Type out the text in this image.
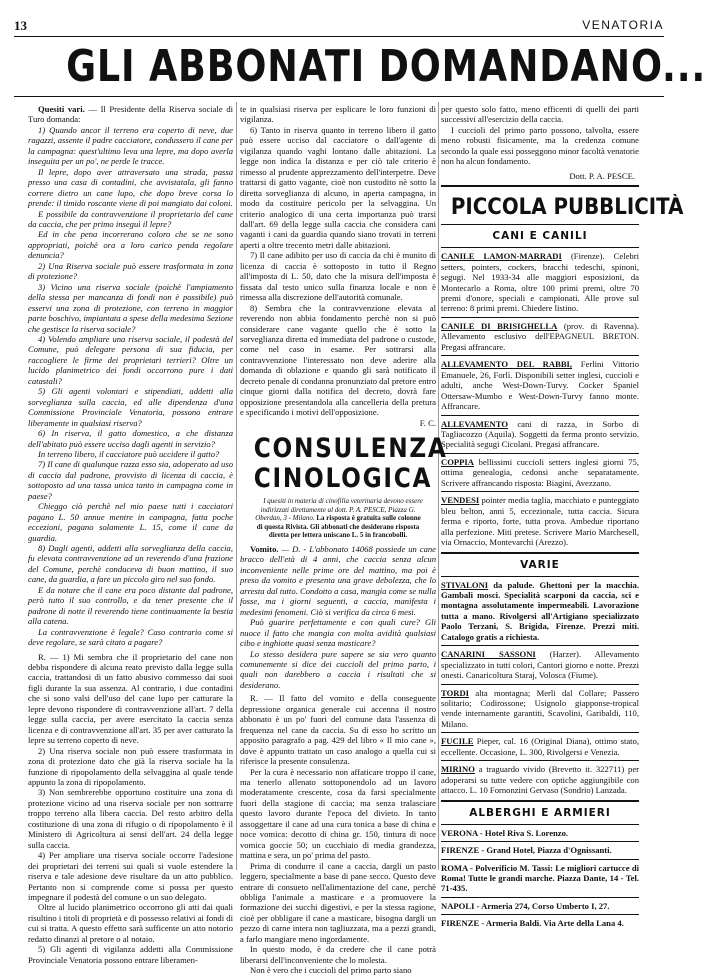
13	VENATORIA
GLI ABBONATI DOMANDANO...

Quesiti vari. — Il Presidente della Riserva sociale di Turo domanda:

1) Quando ancor il terreno era coperto di neve, due ragazzi, assente il padre cacciatore, condussero il cane per la campagna: quest'ultimo leva una lepre, ma dopo averla inseguita per un po', ne perde le tracce.

Il lepre, dopo aver attraversato una strada, passa presso una casa di contadini, che avvistatala, gli fanno correre dietro un cane lupo, che dopo breve corsa lo prende: il timido roscante viene di poi mangiato dai coloni.

E possibile da contravvenzione il proprietario del cane da caccia, che per primo inseguì il lepre?

Ed in che pena incorrerano coloro che se ne sono appropriati, poichè ora a loro carico penda regolare denuncia?

2) Una Riserva sociale può essere trasformata in zona di protezione?

3) Vicino una riserva sociale (poichè l'ampiamento della stessa per mancanza di fondi non è possibile) può esservi una zona di protezione, con terreno in maggior parte boschivo, impiantata a spese della medesima Sezione che gestisce la riserva sociale?

4) Volendo ampliare una riserva sociale, il podestà del Comune, può delegare persona di sua fiducia, per raccogliere le firme dei proprietari terrieri? Oltre un lucido planimetrico dei fondi occorrono pure i dati catastali?

5) Gli agenti volontari e stipendiati, addetti alla sorveglianza sulla caccia, ed alle dipendenza d'una Commissione Provinciale Venatoria, possono entrare liberamente in qualsiasi riserva?

6) In riserva, il gatto domestico, a che distanza dell'abitato può essere ucciso dagli agenti in servizio?

In terreno libero, il cacciatore può uccidere il gatto?

7) Il cane di qualunque razza esso sia, adoperato ad uso di caccia dal padrone, provvisto di licenza di caccia, è sottoposto ad una tassa unica tanto in campagna come in paese?

Chieggo ciò perchè nel mio paese tutti i cacciatori pagano L. 50 annue mentre in campagna, fatta poche eccezioni, pagano solamente L. 15, come il cane da guardia.

8) Dagli agenti, addetti alla sorveglianza della caccia, fu elevata contravvenzione ad un reverendo d'una frazione del Comune, perchè conduceva di buon mattino, il suo cane, da guardia, a fare un piccolo giro nel suo fondo.

E da notare che il cane era poco distante dal padrone, però tutto il suo controllo, e da tener presente che il padrone di notte il reverendo tiene continuamente la bestia alla catena.

La contravvenzione è legale? Caso contrario come si deve regolare, se sarà citato a pagare?

R. — 1) Mi sembra che il proprietario del cane non debba rispondere di alcuna reato previsto dalla legge sulla caccia, trattandosi di un fatto abusivo commesso dai suoi figli durante la sua assenza. Al contrario, i due contadini che si sono valsi dell'uso del cane lupo per catturare la lepre devono rispondere di contravvenzione all'art. 7 della legge sulla caccia, per avere esercitato la caccia senza licenza e di contravvenzione all'art. 35 per aver catturato la lepre su terreno coperto di neve.

2) Una riserva sociale non può essere trasformata in zona di protezione dato che già la riserva sociale ha la funzione di ripopolamento della selvaggina al quale tende appunto la zona di ripopolamento.

3) Non sembrerebbe opportuno costituire una zona di protezione vicino ad una riserva sociale per non sottrarre troppo terreno alla libera caccia. Del resto arbitro della costituzione di una zona di rifugio o di ripopolamento è il Ministero di Agricoltura ai sensi dell'art. 24 della legge sulla caccia.

4) Per ampliare una riserva sociale occorre l'adesione dei proprietari dei terreni sui quali si vuole estendere la riserva e tale adesione deve risultare da un atto pubblico. Pertanto non si comprende come si possa per questo impegnare il podestà del comune o un suo delegato.

Oltre al lucido planimetrico occorrono gli atti dai quali risultino i titoli di proprietà e di possesso relativi ai fondi di cui si tratta. A questo effetto sarà sufficente un atto notorio redatto dinanzi al pretore o al notaio.

5) Gli agenti di vigilanza addetti alla Commissione Provinciale Venatoria possono entrare liberamen-

te in qualsiasi riserva per esplicare le loro funzioni di vigilanza.

6) Tanto in riserva quanto in terreno libero il gatto può essere ucciso dal cacciatore o dall'agente di vigilanza quando vaghi lontano dalle abitazioni. La legge non indica la distanza e per ciò tale criterio è rimesso al prudente apprezzamento dell'interpetre. Deve trattarsi di gatto vagante, cioè non custodito nè sotto la diretta sorveglianza di alcuno, in aperta campagna, in modo da costituire pericolo per la selvaggina. Un criterio analogico di una certa importanza può trarsi dall'art. 69 della legge sulla caccia che considera cani vaganti i cani da guardia quando siano trovati in terreni aperti a oltre trecento metri dalle abitazioni.

7) Il cane adibito per uso di caccia da chi è munito di licenza di caccia è sottoposto in tutto il Regno all'imposta di L. 50, dato che la misura dell'imposta è fissata dal testo unico sulla finanza locale e non è rimessa alla discrezione dell'autorità comunale.

8) Sembra che la contravvenzione elevata al reverendo non abbia fondamento perchè non si può considerare cane vagante quello che è sotto la sorveglianza diretta ed immediata del padrone o custode, come nel caso in esame. Per sottrarsi alla contravvenzione l'interessato non deve aderire alla domanda di oblazione e quando gli sarà notificato il decreto penale di condanna pronunziato dal pretore entro cinque giorni dalla notifica del decreto, dovrà fare opposizione presentandola alla cancelleria della pretura e specificando i motivi dell'opposizione.

F. C.

CONSULENZA
CINOLOGICA

I quesiti in materia di cinofilia veterinaria devono essere indirizzati direttamente al dott. P. A. PESCE, Piazza G. Oberdan, 3 - Milano. La risposta è gratuita sulle colonne di questa Rivista. Gli abbonati che desiderano risposta diretta per lettera uniscano L. 5 in francobolli.

Vomito. — D. - L'abbonato 14068 possiede un cane bracco dell'età di 4 anni, che caccia senza alcun inconveniente nelle prime ore del mattino, ma poi è preso da vomito e presenta una grave debolezza, che lo arresta dal tutto. Condotto a casa, mangia come se nulla fosse, ma i giorni seguenti, a caccia, manifesta i medesimi fenomeni. Ciò si verifica da circa 6 mesi.

Può guarire perfettamente e con quali cure? Gli nuoce il fatto che mangia con molta avidità qualsiasi cibo e inghiotte quasi senza masticare?

Lo stesso desidera pure sapere se sia vero quanto comunemente si dice dei cuccioli del primo parto, i quali non darebbero a caccia i risultati che si desiderano.

R. — Il fatto del vomito e della conseguente depressione organica generale cui accenna il nostro abbonato è un po' fuori del comune data l'assenza di frequenza nel cane da caccia. Su di esso ho scritto un apposito paragrafo a pag. 429 del libro « Il mio cane », dove è appunto trattato un caso analogo a quella cui si riferisce la presente consulenza.

Per la cura è necessario non affaticare troppo il cane, ma tenerlo allenato sottoponendolo ad un lavoro moderatamente crescente, cosa da farsi specialmente fuori della stagione di caccia; ma senza tralasciare questo lavoro durante l'epoca del divieto. In tanto assoggettare il cane ad una cura tonica a base di china e noce vomica: decotto di china gr. 150, tintura di noce vomica goccie 50; un cucchiaio di media grandezza, mattina e sera, un po' prima del pasto.

Prima di condurre il cane a caccia, dargli un pasto leggero, specialmente a base di pane secco. Questo deve entrare di consueto nell'alimentazione del cane, perchè obbliga l'animale a masticare e a promuovere la formazione dei succhi digestivi, e per la stessa ragione, cioè per obbligare il cane a masticare, bisogna dargli un pezzo di carne intera non tagliuzzata, ma a pezzi grandi, a farlo mangiare meno ingordamente.

In questo modo, è da credere che il cane potrà liberarsi dell'inconveniente che lo molesta.

Non è vero che i cuccioli del primo parto siano

per questo solo fatto, meno efficenti di quelli dei parti successivi all'esercizio della caccia.

I cuccioli del primo parto possono, talvolta, essere meno robusti fisicamente, ma la credenza comune secondo la quale essi posseggono minor facoltà venatorie non ha alcun fondamento.

Dott. P. A. PESCE.

PICCOLA PUBBLICITÀ
CANI E CANILI

CANILE LAMON-MARRADI (Firenze). Celebri setters, pointers, cockers, bracchi tedeschi, spinoni, segugi. Nel 1933-34 alle maggiori esposizioni, da Montecarlo a Roma, oltre 100 primi premi, oltre 70 premi d'onore, speciali e campionati. Alle prove sul terreno: 8 primi premi. Chiedere listino.

CANILE DI BRISIGHELLA (prov. di Ravenna). Allevamento esclusivo dell'EPAGNEUL BRETON. Pregasi affrancare.

ALLEVAMENTO DEL RABBI, Ferlini Vittorio Emanuele, 26, Forlì. Disponibili setter inglesi, cuccioli e adulti, anche West-Down-Turvy. Cocker Spaniel Ottersaw-Mumbo e West-Down-Turvy fanno monte. Affrancare.

ALLEVAMENTO cani di razza, in Sorbo di Tagliacozzo (Aquila). Soggetti da ferma pronto servizio. Specialità segugi Cicolani. Pregasi affrancare.

COPPIA bellissimi cuccioli setters inglesi giorni 75, ottima genealogia, cedonsi anche separatamente. Scrivere affrancando risposta: Biagini, Avezzano.

VENDESI pointer media taglia, macchiato e punteggiato bleu belton, anni 5, eccezionale, tutta caccia. Sicura ferma e riporto, forte, tutta prova. Ambedue riportano alla perfezione. Miti pretese. Scrivere Mario Marchesell, via Ornaccio, Montevarchi (Arezzo).

VARIE

STIVALONI da palude. Ghettoni per la macchia. Gambali mosci. Specialità scarponi da caccia, sci e montagna assolutamente impermeabili. Lavorazione tutta a mano. Rivolgersi all'Artigiano specializzato Paolo Terzani, S. Brigida, Firenze. Prezzi miti. Catalogo gratis a richiesta.

CANARINI SASSONI (Harzer). Allevamento specializzato in tutti colori, Cantori giorno e notte. Prezzi onesti. Canaricoltura Staraj, Volosca (Fiume).

TORDI alta montagna; Merli dal Collare; Passero solitario; Codirossone; Usignolo giapponse-tropical vende internamente garantiti, Scavolini, Garibaldi, 110, Milano.

FUCILE Pieper, cal. 16 (Original Diana), ottimo stato, eccellente. Occasione, L. 300, Rivolgersi e Venezia.

MIRINO a traguardo vivido (Brevetto it. 322711) per adoperarsi su tutte vedere con optiche aggiungibile con attacco. L. 10 Fornonzini Gervaso (Sondrio) Lanzada.

ALBERGHI E ARMIERI

VERONA - Hotel Riva S. Lorenzo.

FIRENZE - Grand Hotel, Piazza d'Ognissanti.

ROMA - Polverificio M. Tassi: Le migliori cartucce di Roma! Tutte le grandi marche. Piazza Dante, 14 - Tel. 71-435.

NAPOLI - Armeria 274, Corso Umberto I, 27.

FIRENZE - Armeria Baldi. Via Arte della Lana 4.
